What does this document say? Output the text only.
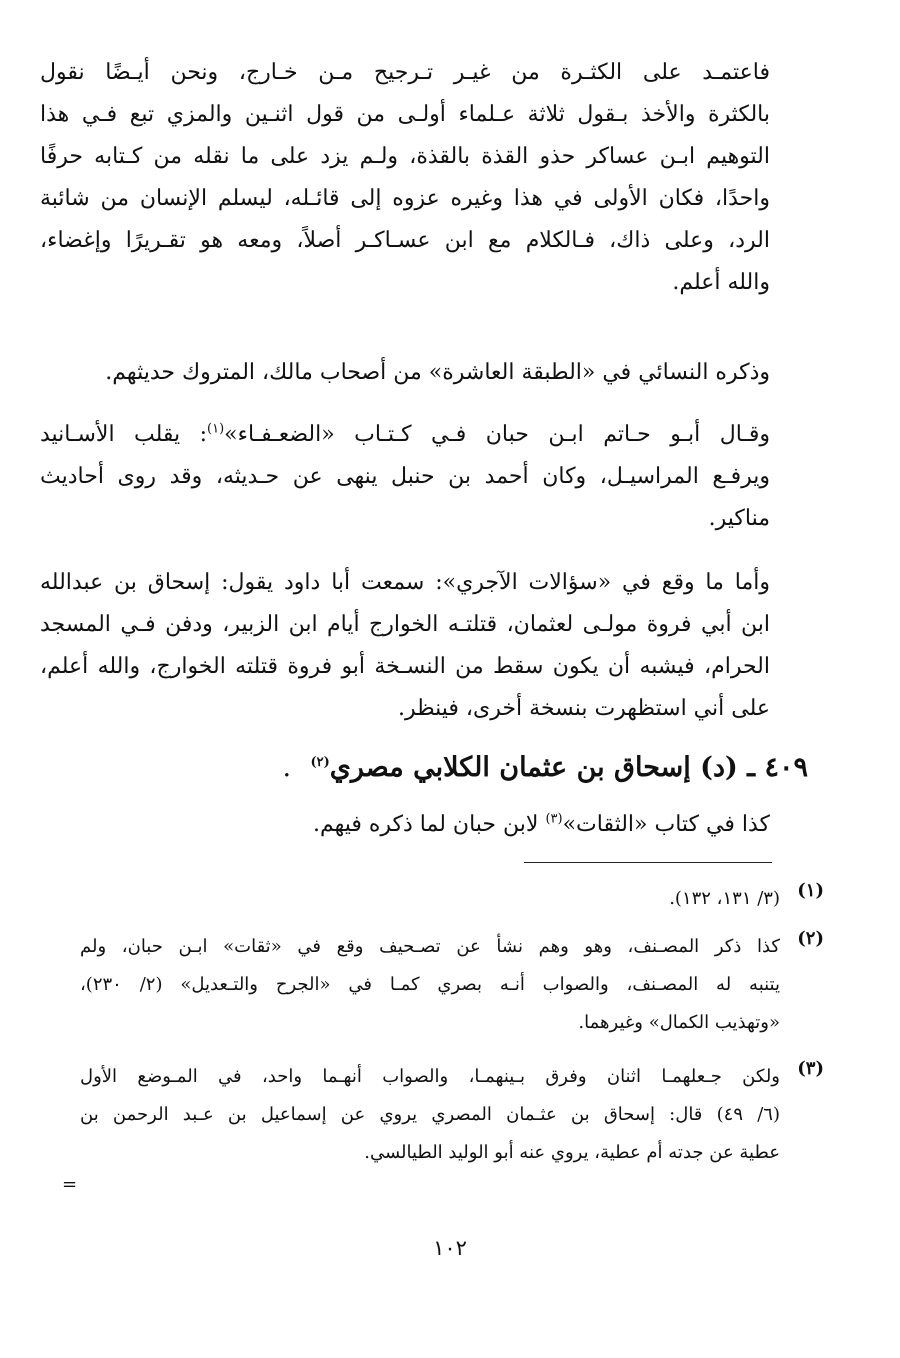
فاعتمـد على الكثـرة من غيـر تـرجيح مـن خـارج، ونحن أيـضًا نقول
بالكثرة والأخذ بـقول ثلاثة عـلماء أولـى من قول اثنـين والمزي تبع فـي هذا
التوهيم ابـن عساكر حذو القذة بالقذة، ولـم يزد على ما نقله من كـتابه حرفًا
واحدًا، فكان الأولى في هذا وغيره عزوه إلى قائـله، ليسلم الإنسان من شائبة
الرد، وعلى ذاك، فـالكلام مع ابن عسـاكـر أصلاً، ومعه هو تقـريرًا وإغضاء،
والله أعلم.
وذكره النسائي في «الطبقة العاشرة» من أصحاب مالك، المتروك حديثهم.
وقـال أبـو حـاتم ابـن حبان فـي كـتـاب «الضعـفـاء»$^{(١)}$: يقلب الأسـانيد
ويرفـع المراسيـل، وكان أحمد بن حنبل ينهى عن حـديثه، وقد روى أحاديث
مناكير.
وأما ما وقع في «سؤالات الآجري»: سمعت أبا داود يقول: إسحاق بن عبدالله
ابن أبي فروة مولـى لعثمان، قتلتـه الخوارج أيام ابن الزبير، ودفن فـي المسجد
الحرام، فيشبه أن يكون سقط من النسـخة أبو فروة قتلته الخوارج، والله أعلم،
على أني استظهرت بنسخة أخرى، فينظر.
٤٠٩ ـ (د) إسحاق بن عثمان الكلابي مصري$^{(٢)}$ .
كذا في كتاب «الثقات»$^{(٣)}$ لابن حبان لما ذكره فيهم.
(١)
(٣/ ١٣١، ١٣٢).
(٢)
كذا ذكر المصـنف، وهو وهم نشأ عن تصـحيف وقع في «ثقات» ابـن حبان، ولم
يتنبه له المصـنف، والصواب أنـه بصري كمـا في «الجرح والتـعديل» (٢/ ٢٣٠)،
«وتهذيب الكمال» وغيرهما.
(٣)
ولكن جـعلهمـا اثنان وفرق بـينهمـا، والصواب أنهـما واحد، في المـوضع الأول
(٦/ ٤٩) قال: إسحاق بن عثـمان المصري يروي عن إسماعيل بن عـبد الرحمن بن
عطية عن جدته أم عطية، يروي عنه أبو الوليد الطيالسي.
=
١٠٢
